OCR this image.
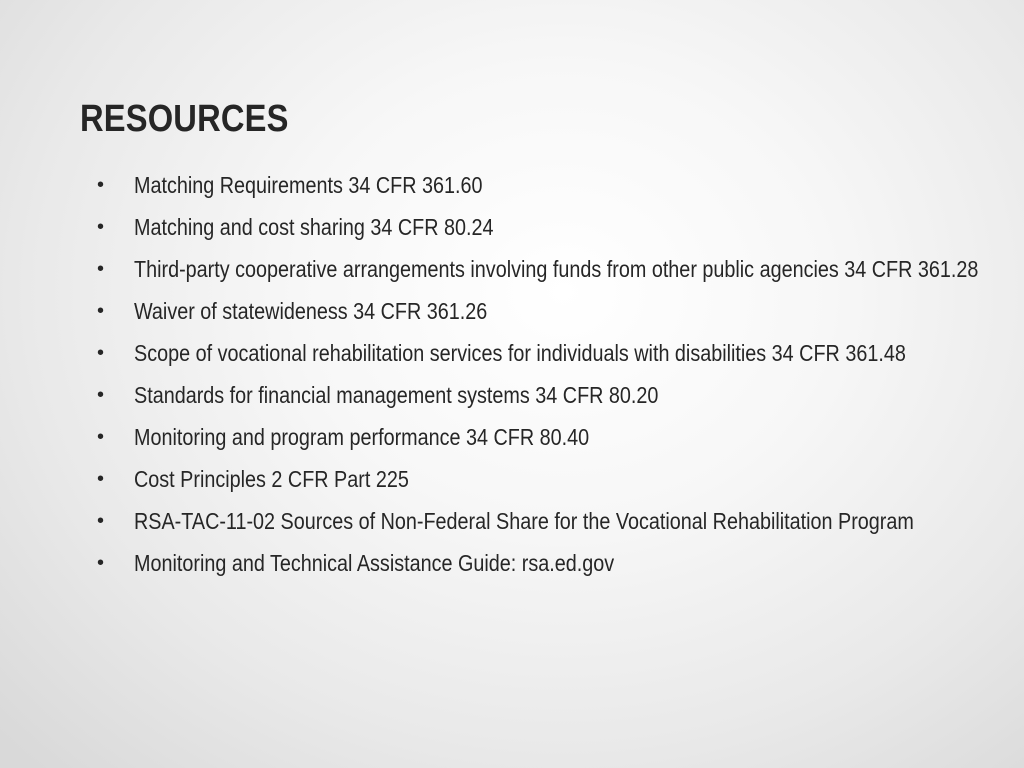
RESOURCES
• Matching Requirements 34 CFR 361.60
• Matching and cost sharing 34 CFR 80.24
• Third-party cooperative arrangements involving funds from other public agencies 34 CFR 361.28
• Waiver of statewideness 34 CFR 361.26
• Scope of vocational rehabilitation services for individuals with disabilities 34 CFR 361.48
• Standards for financial management systems 34 CFR 80.20
• Monitoring and program performance 34 CFR 80.40
• Cost Principles 2 CFR Part 225
• RSA-TAC-11-02 Sources of Non-Federal Share for the Vocational Rehabilitation Program
• Monitoring and Technical Assistance Guide: rsa.ed.gov
